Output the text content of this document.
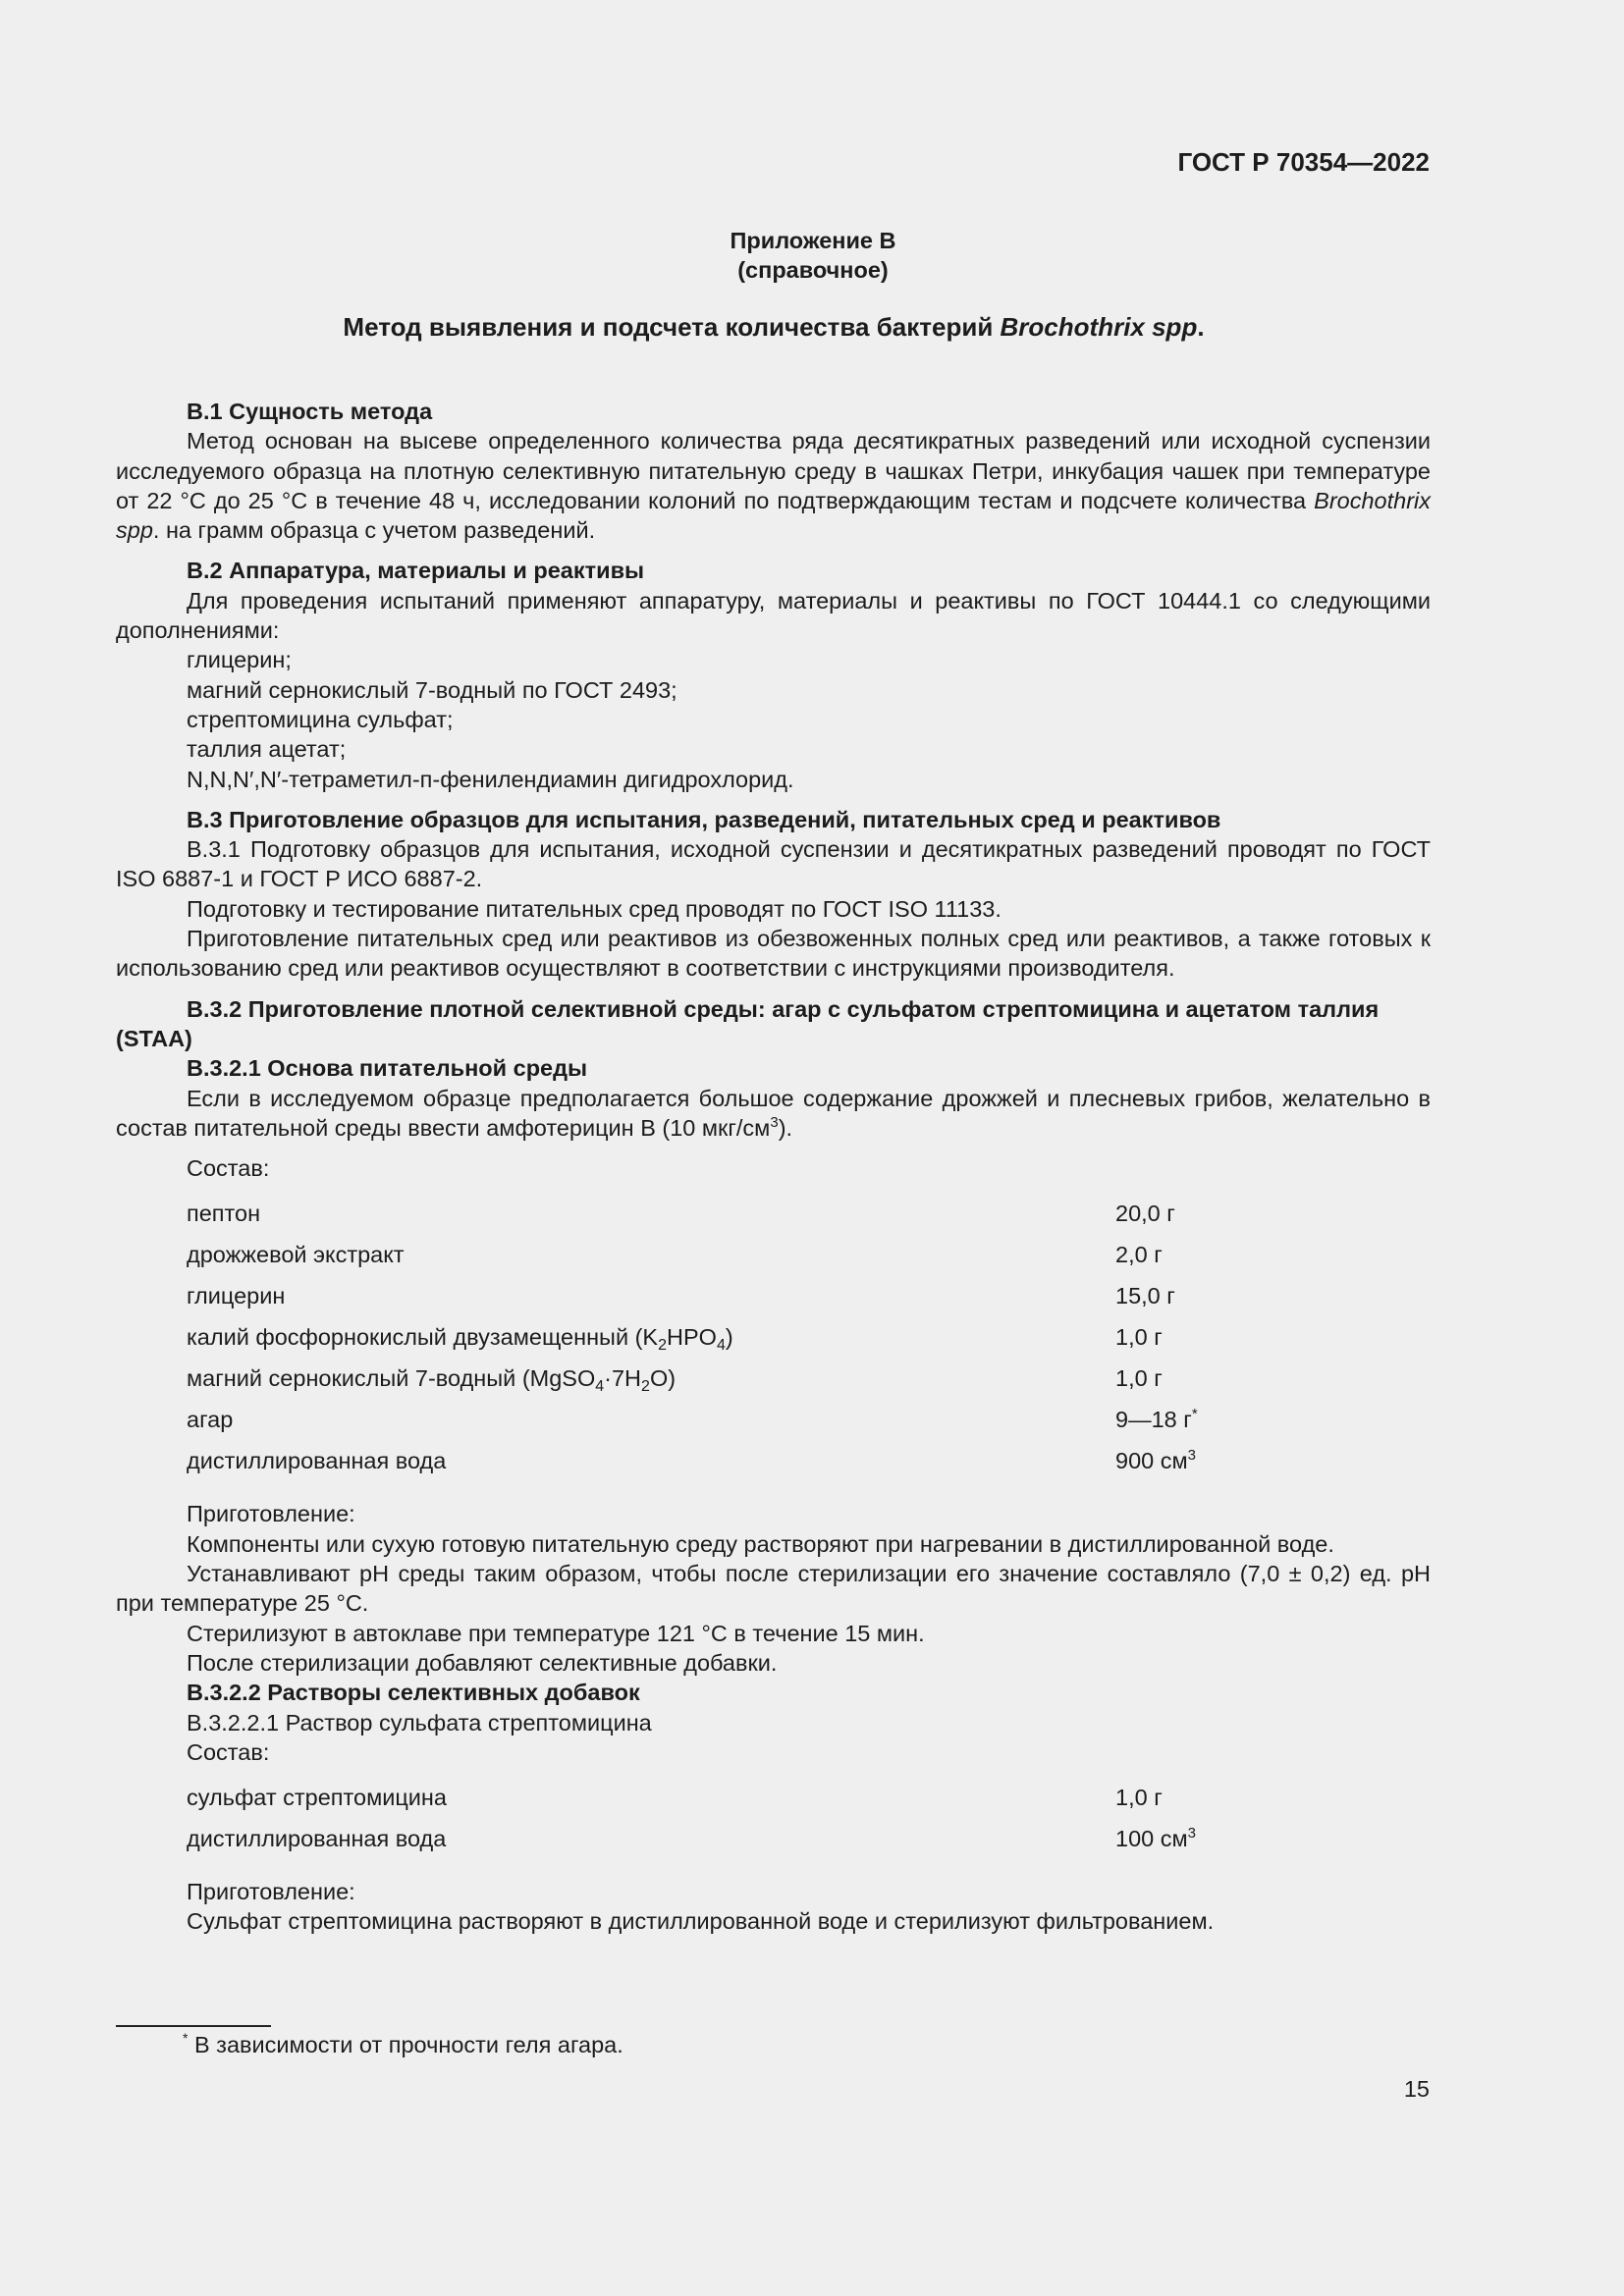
ГОСТ Р 70354—2022
Приложение В
(справочное)
Метод выявления и подсчета количества бактерий Brochothrix spp.

В.1 Сущность метода

Метод основан на высеве определенного количества ряда десятикратных разведений или исходной суспензии исследуемого образца на плотную селективную питательную среду в чашках Петри, инкубация чашек при температуре от 22 °С до 25 °С в течение 48 ч, исследовании колоний по подтверждающим тестам и подсчете количества Brochothrix spp. на грамм образца с учетом разведений.

В.2 Аппаратура, материалы и реактивы

Для проведения испытаний применяют аппаратуру, материалы и реактивы по ГОСТ 10444.1 со следующими дополнениями:

глицерин;

магний сернокислый 7-водный по ГОСТ 2493;

стрептомицина сульфат;

таллия ацетат;

N,N,N′,N′-тетраметил-п-фенилендиамин дигидрохлорид.

В.3 Приготовление образцов для испытания, разведений, питательных сред и реактивов

В.3.1 Подготовку образцов для испытания, исходной суспензии и десятикратных разведений проводят по ГОСТ ISO 6887-1 и ГОСТ Р ИСО 6887-2.

Подготовку и тестирование питательных сред проводят по ГОСТ ISO 11133.

Приготовление питательных сред или реактивов из обезвоженных полных сред или реактивов, а также готовых к использованию сред или реактивов осуществляют в соответствии с инструкциями производителя.

В.3.2 Приготовление плотной селективной среды: агар с сульфатом стрептомицина и ацетатом таллия (STAA)

В.3.2.1 Основа питательной среды

Если в исследуемом образце предполагается большое содержание дрожжей и плесневых грибов, желательно в состав питательной среды ввести амфотерицин В (10 мкг/$см^3$).

Состав:

пептон	20,0 г
дрожжевой экстракт	2,0 г
глицерин	15,0 г
калий фосфорнокислый двузамещенный $(K_2HPO_4)$	1,0 г
магний сернокислый 7-водный $(MgSO_4\cdot 7H_2O)$	1,0 г
агар	9—18 г*
дистиллированная вода	900 $см^3$

Приготовление:

Компоненты или сухую готовую питательную среду растворяют при нагревании в дистиллированной воде.

Устанавливают рН среды таким образом, чтобы после стерилизации его значение составляло (7,0 ± 0,2) ед. рН при температуре 25 °С.

Стерилизуют в автоклаве при температуре 121 °С в течение 15 мин.

После стерилизации добавляют селективные добавки.

В.3.2.2 Растворы селективных добавок

В.3.2.2.1 Раствор сульфата стрептомицина

Состав:

сульфат стрептомицина	1,0 г
дистиллированная вода	100 $см^3$

Приготовление:

Сульфат стрептомицина растворяют в дистиллированной воде и стерилизуют фильтрованием.

* В зависимости от прочности геля агара.
15
